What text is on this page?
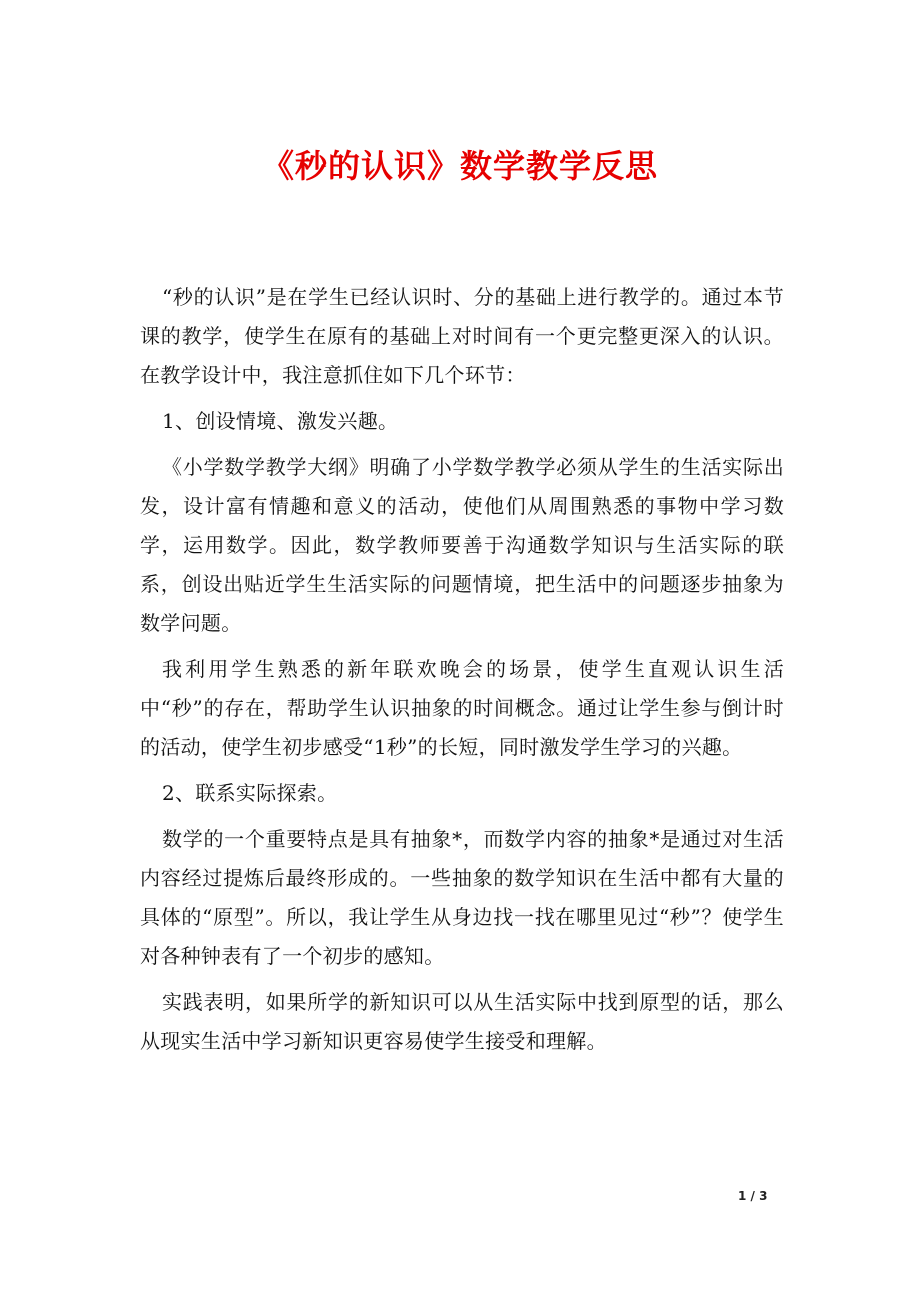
《秒的认识》数学教学反思

“秒的认识”是在学生已经认识时、分的基础上进行教学的。通过本节课的教学，使学生在原有的基础上对时间有一个更完整更深入的认识。在教学设计中，我注意抓住如下几个环节：

1、创设情境、激发兴趣。

《小学数学教学大纲》明确了小学数学教学必须从学生的生活实际出发，设计富有情趣和意义的活动，使他们从周围熟悉的事物中学习数学，运用数学。因此，数学教师要善于沟通数学知识与生活实际的联系，创设出贴近学生生活实际的问题情境，把生活中的问题逐步抽象为数学问题。

我利用学生熟悉的新年联欢晚会的场景，使学生直观认识生活中“秒”的存在，帮助学生认识抽象的时间概念。通过让学生参与倒计时的活动，使学生初步感受“1秒”的长短，同时激发学生学习的兴趣。

2、联系实际探索。

数学的一个重要特点是具有抽象*，而数学内容的抽象*是通过对生活内容经过提炼后最终形成的。一些抽象的数学知识在生活中都有大量的具体的“原型”。所以，我让学生从身边找一找在哪里见过“秒”？使学生对各种钟表有了一个初步的感知。

实践表明，如果所学的新知识可以从生活实际中找到原型的话，那么从现实生活中学习新知识更容易使学生接受和理解。

1 / 3
